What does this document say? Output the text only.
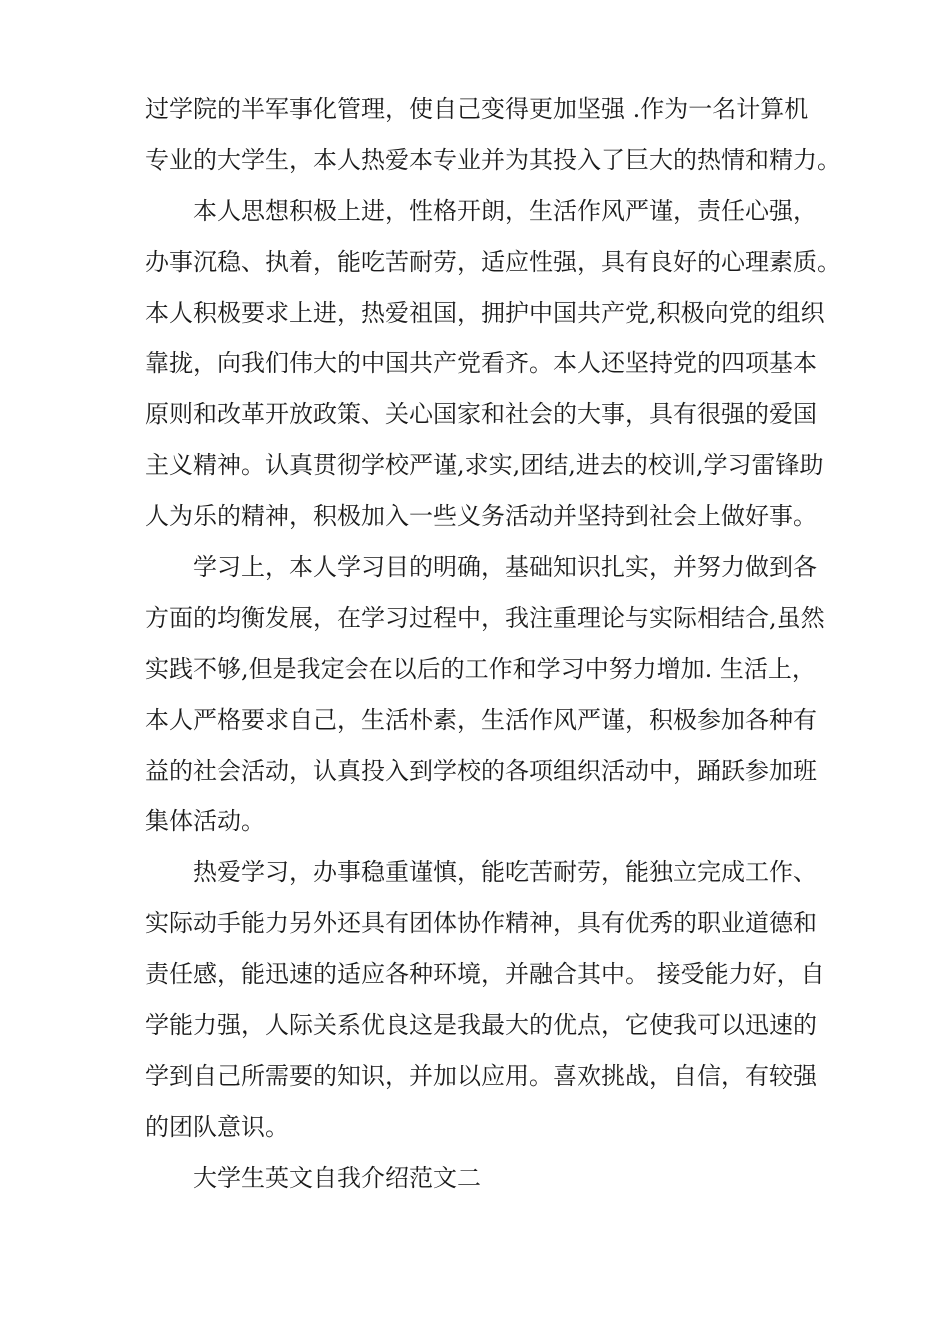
过学院的半军事化管理，使自己变得更加坚强 .作为一名计算机
专业的大学生，本人热爱本专业并为其投入了巨大的热情和精力。
本人思想积极上进，性格开朗，生活作风严谨，责任心强，
办事沉稳、执着，能吃苦耐劳，适应性强，具有良好的心理素质。
本人积极要求上进，热爱祖国，拥护中国共产党,积极向党的组织
靠拢，向我们伟大的中国共产党看齐。本人还坚持党的四项基本
原则和改革开放政策、关心国家和社会的大事，具有很强的爱国
主义精神。认真贯彻学校严谨,求实,团结,进去的校训,学习雷锋助
人为乐的精神，积极加入一些义务活动并坚持到社会上做好事。
学习上，本人学习目的明确，基础知识扎实，并努力做到各
方面的均衡发展，在学习过程中，我注重理论与实际相结合,虽然
实践不够,但是我定会在以后的工作和学习中努力增加. 生活上，
本人严格要求自己，生活朴素，生活作风严谨，积极参加各种有
益的社会活动，认真投入到学校的各项组织活动中，踊跃参加班
集体活动。
热爱学习，办事稳重谨慎，能吃苦耐劳，能独立完成工作、
实际动手能力另外还具有团体协作精神，具有优秀的职业道德和
责任感，能迅速的适应各种环境，并融合其中。 接受能力好，自
学能力强，人际关系优良这是我最大的优点，它使我可以迅速的
学到自己所需要的知识，并加以应用。喜欢挑战，自信，有较强
的团队意识。
大学生英文自我介绍范文二
